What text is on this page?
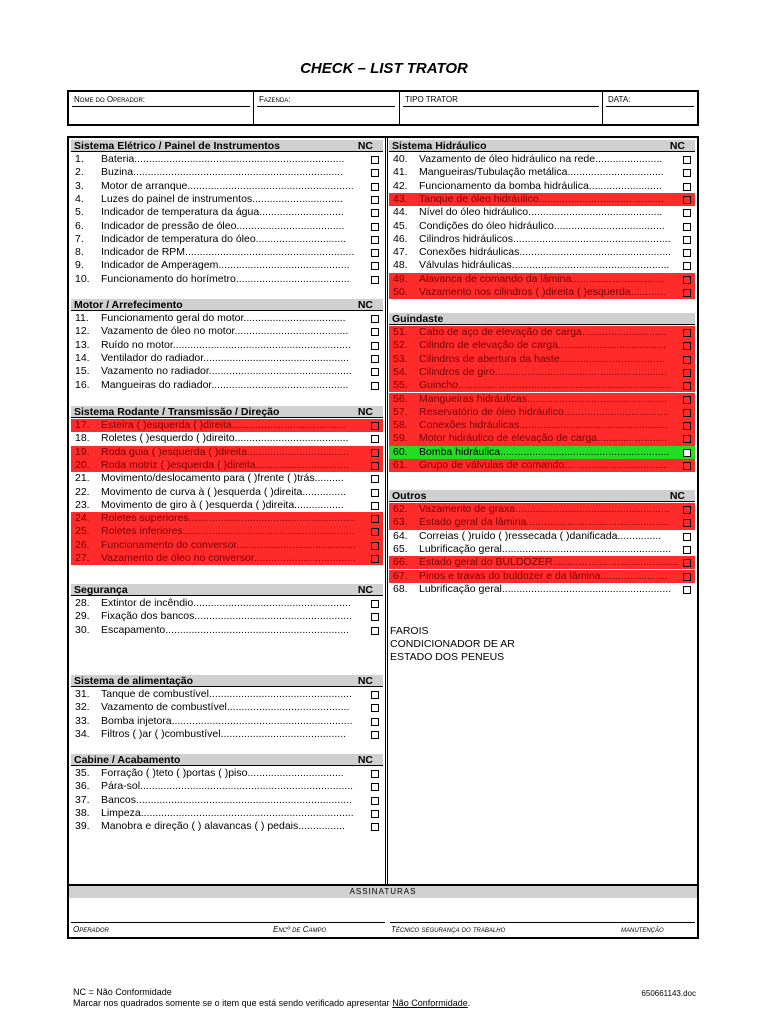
CHECK – LIST TRATOR
Nome do Operador:	Fazenda:	TIPO TRATOR	DATA:
Sistema Elétrico / Painel de Instrumentos	NC
1. Bateria........................................................................
2. Buzina........................................................................
3. Motor de arranque.........................................................
4. Luzes do painel de instrumentos...............................
5. Indicador de temperatura da água.............................
6. Indicador de pressão de óleo.....................................
7. Indicador de temperatura do óleo...............................
8. Indicador de RPM..........................................................
9. Indicador de Amperagem.............................................
10. Funcionamento do horímetro.......................................
Motor / Arrefecimento	NC
11. Funcionamento geral do motor...................................
12. Vazamento de óleo no motor.......................................
13. Ruído no motor.............................................................
14. Ventilador do radiador..................................................
15. Vazamento no radiador.................................................
16. Mangueiras do radiador...............................................
Sistema Rodante / Transmissão / Direção	NC
17. Esteira ( )esquerda ( )direita.......................................
18. Roletes ( )esquerdo ( )direito.......................................
19. Roda guia ( )esquerda ( )direita...................................
20. Roda motriz ( )esquerda ( )direita................................
21. Movimento/deslocamento para ( )frente ( )trás..........
22. Movimento de curva à ( )esquerda ( )direita...............
23. Movimento de giro à ( )esquerda ( )direita.................
24. Roletes superiores.........................................................
25. Roletes inferiores...........................................................
26. Funcionamento do conversor.........................................
27. Vazamento de óleo no conversor...................................
Segurança	NC
28. Extintor de incêndio......................................................
29. Fixação dos bancos......................................................
30. Escapamento...............................................................
Sistema de alimentação	NC
31. Tanque de combustível.................................................
32. Vazamento de combustível..........................................
33. Bomba injetora..............................................................
34. Filtros ( )ar ( )combustível...........................................
Cabine / Acabamento	NC
35. Forração ( )teto ( )portas ( )piso.................................
36. Pára-sol.........................................................................
37. Bancos..........................................................................
38. Limpeza.........................................................................
39. Manobra e direção ( ) alavancas ( ) pedais................
Sistema Hidráulico	NC
40. Vazamento de óleo hidráulico na rede.......................
41. Mangueiras/Tubulação metálica.................................
42. Funcionamento da bomba hidráulica.........................
43. Tanque de óleo hidráulico...........................................
44. Nível do óleo hidráulico..............................................
45. Condições do óleo hidráulico......................................
46. Cilindros hidráulicos......................................................
47. Conexões hidráulicas....................................................
48. Válvulas hidráulicas......................................................
49. Alavanca de comando da lâmina................................
50. Vazamento nos cilindros ( )direita ( )esquerda............
Guindaste
51. Cabo de aço de elevação de carga.............................
52. Cilindro de elevação de carga.....................................
53. Cilindros de abertura da haste....................................
54. Cilindros de giro...........................................................
55. Guincho.........................................................................
56. Mangueiras hidráulicas................................................
57. Reservatório de óleo hidráulico....................................
58. Conexões hidráulicas...................................................
59. Motor hidráulico de elevação de carga........................
60. Bomba hidráulica..........................................................
61. Grupo de válvulas de comando...................................
Outros	NC
62. Vazamento de graxa.....................................................
63. Estado geral da lâmina.................................................
64. Correias ( )ruído ( )ressecada ( )danificada...............
65. Lubrificação geral..........................................................
66. Estado geral do BULDOZER...........................................
67. Pinos e travas do buldozer e da lâmina.......................
68. Lubrificação geral..........................................................
FAROIS
CONDICIONADOR DE AR
ESTADO DOS PENEUS
ASSINATURAS
Operador	Encº de Campo	Técnico segurança do trabalho	manutenção
NC = Não Conformidade
Marcar nos quadrados somente se o item que está sendo verificado apresentar Não Conformidade.
650661143.doc
